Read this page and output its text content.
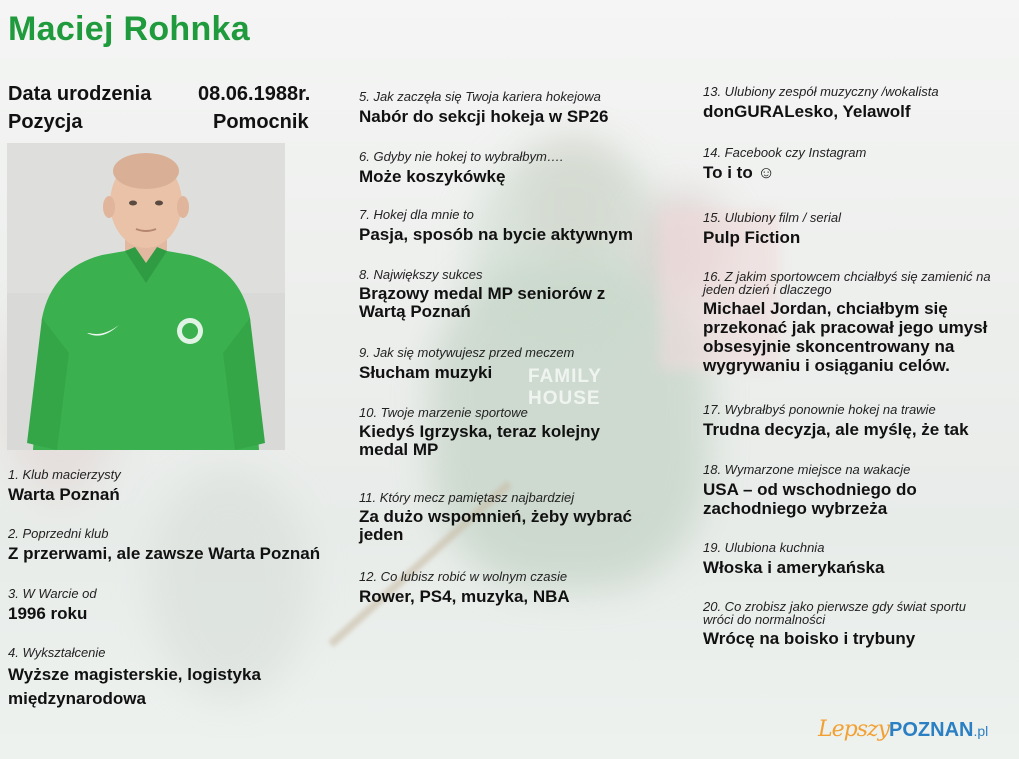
FAMILY HOUSE
Maciej Rohnka
Data urodzenia 08.06.1988r.
Pozycja	Pomocnik
1. Klub macierzysty
Warta Poznań
2. Poprzedni klub
Z przerwami, ale zawsze Warta Poznań
3. W Warcie od
1996 roku
4. Wykształcenie
Wyższe magisterskie, logistyka międzynarodowa
5. Jak zaczęła się Twoja kariera hokejowa
Nabór do sekcji hokeja w SP26
6. Gdyby nie hokej to wybrałbym….
Może koszykówkę
7. Hokej dla mnie to
Pasja, sposób na bycie aktywnym
8. Największy sukces
Brązowy medal MP seniorów z Wartą Poznań
9. Jak się motywujesz przed meczem
Słucham muzyki
10. Twoje marzenie sportowe
Kiedyś Igrzyska, teraz kolejny medal MP
11. Który mecz pamiętasz najbardziej
Za dużo wspomnień, żeby wybrać jeden
12. Co lubisz robić w wolnym czasie
Rower, PS4, muzyka, NBA
13. Ulubiony zespół muzyczny /wokalista
donGURALesko, Yelawolf
14. Facebook czy Instagram
To i to ☺
15. Ulubiony film / serial
Pulp Fiction
16. Z jakim sportowcem chciałbyś się zamienić na jeden dzień i dlaczego
Michael Jordan, chciałbym się przekonać jak pracował jego umysł obsesyjnie skoncentrowany na wygrywaniu i osiąganiu celów.
17. Wybrałbyś ponownie hokej na trawie
Trudna decyzja, ale myślę, że tak
18. Wymarzone miejsce na wakacje
USA – od wschodniego do zachodniego wybrzeża
19. Ulubiona kuchnia
Włoska i amerykańska
20. Co zrobisz jako pierwsze gdy świat sportu wróci do normalności
Wrócę na boisko i trybuny
LepszyPOZNAN.pl
